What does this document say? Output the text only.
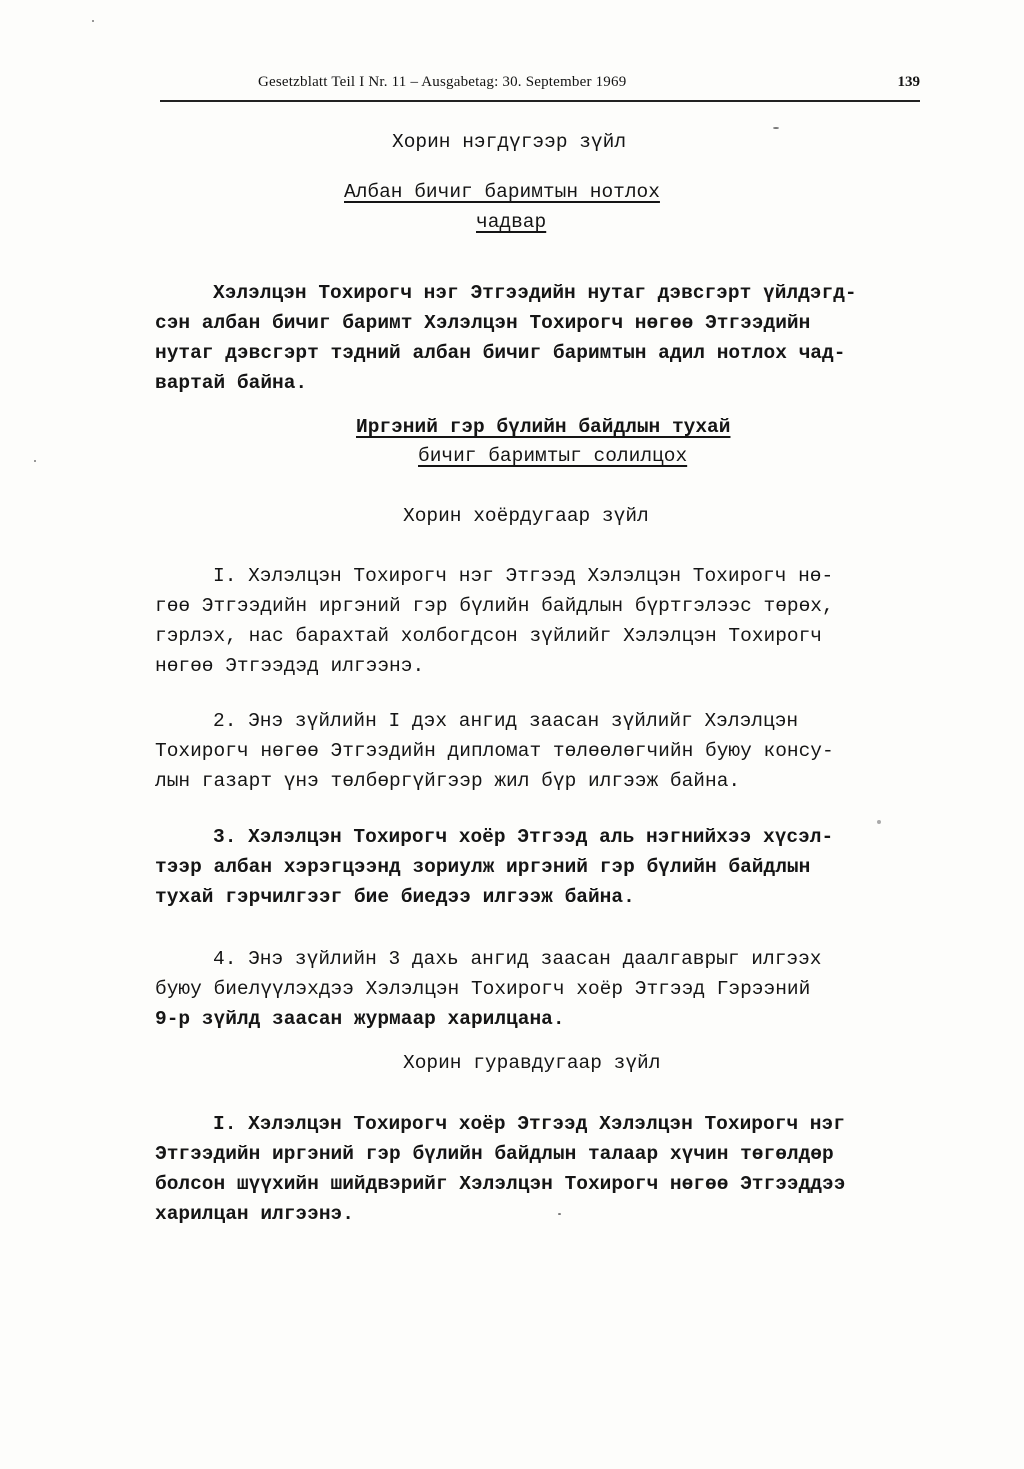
Gesetzblatt Teil I Nr. 11 – Ausgabetag: 30. September 1969	139
Хорин нэгдүгээр зүйл
Албан бичиг баримтын нотлох
чадвар
Хэлэлцэн Тохирогч нэг Этгээдийн нутаг дэвсгэрт үйлдэгд-
сэн албан бичиг баримт Хэлэлцэн Тохирогч нөгөө Этгээдийн
нутаг дэвсгэрт тэдний албан бичиг баримтын адил нотлох чад-
вартай байна.
Иргэний гэр бүлийн байдлын тухай
бичиг баримтыг солилцох
Хорин хоёрдугаар зүйл
I. Хэлэлцэн Тохирогч нэг Этгээд Хэлэлцэн Тохирогч нө-
гөө Этгээдийн иргэний гэр бүлийн байдлын бүртгэлээс төрөх,
гэрлэх, нас барахтай холбогдсон зүйлийг Хэлэлцэн Тохирогч
нөгөө Этгээдэд илгээнэ.
2. Энэ зүйлийн I дэх ангид заасан зүйлийг Хэлэлцэн
Тохирогч нөгөө Этгээдийн дипломат төлөөлөгчийн буюу консу-
лын газарт үнэ төлбөргүйгээр жил бүр илгээж байна.
3. Хэлэлцэн Тохирогч хоёр Этгээд аль нэгнийхээ хүсэл-
тээр албан хэрэгцээнд зориулж иргэний гэр бүлийн байдлын
тухай гэрчилгээг бие биедээ илгээж байна.
4. Энэ зүйлийн 3 дахь ангид заасан даалгаврыг илгээх
буюу биелүүлэхдээ Хэлэлцэн Тохирогч хоёр Этгээд Гэрээний
9-р зүйлд заасан журмаар харилцана.
Хорин гуравдугаар зүйл
I. Хэлэлцэн Тохирогч хоёр Этгээд Хэлэлцэн Тохирогч нэг
Этгээдийн иргэний гэр бүлийн байдлын талаар хүчин төгөлдөр
болсон шүүхийн шийдвэрийг Хэлэлцэн Тохирогч нөгөө Этгээддээ
харилцан илгээнэ.
